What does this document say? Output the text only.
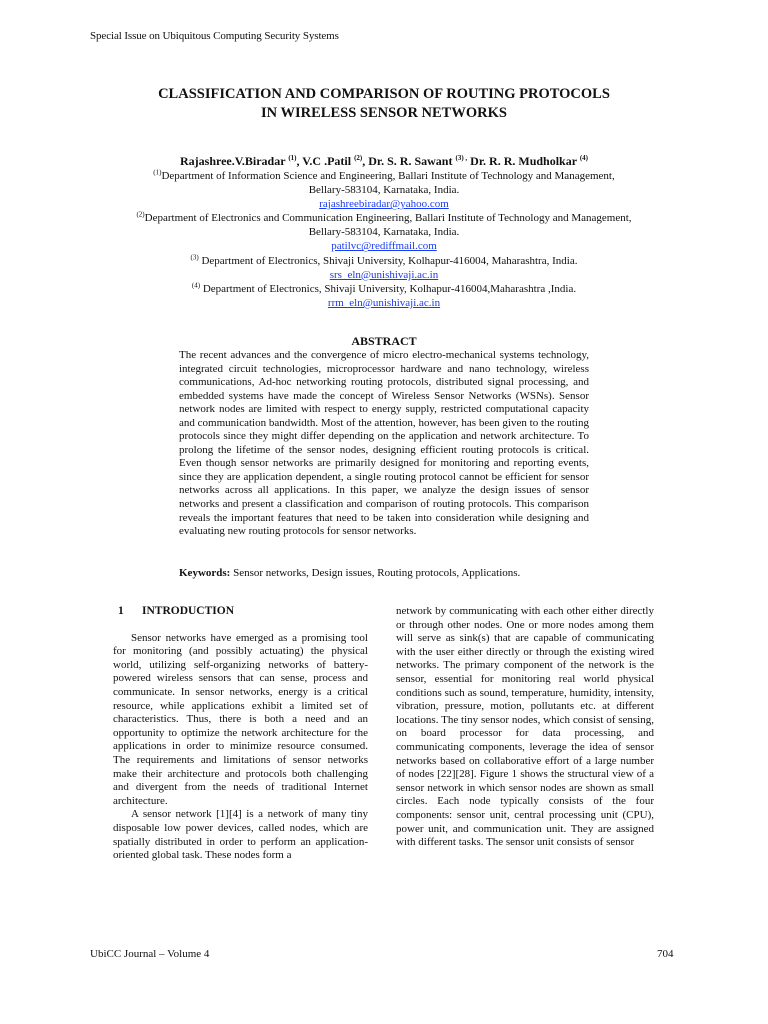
Special Issue on Ubiquitous Computing Security Systems
CLASSIFICATION AND COMPARISON OF ROUTING PROTOCOLS
IN WIRELESS SENSOR NETWORKS
Rajashree.V.Biradar $^{(1)}$, V.C .Patil $^{(2)}$, Dr. S. R. Sawant $^{(3) ,}$ Dr. R. R. Mudholkar $^{(4)}$
$^{(1)}$Department of Information Science and Engineering, Ballari Institute of Technology and Management,
Bellary-583104, Karnataka, India.
rajashreebiradar@yahoo.com
$^{(2)}$Department of Electronics and Communication Engineering, Ballari Institute of Technology and Management,
Bellary-583104, Karnataka, India.
patilvc@rediffmail.com
$^{(3)}$ Department of Electronics, Shivaji University, Kolhapur-416004, Maharashtra, India.
srs_eln@unishivaji.ac.in
$^{(4)}$ Department of Electronics, Shivaji University, Kolhapur-416004,Maharashtra ,India.
rrm_eln@unishivaji.ac.in
ABSTRACT
The recent advances and the convergence of micro electro-mechanical systems technology, integrated circuit technologies, microprocessor hardware and nano technology, wireless communications, Ad-hoc networking routing protocols, distributed signal processing, and embedded systems have made the concept of Wireless Sensor Networks (WSNs). Sensor network nodes are limited with respect to energy supply, restricted computational capacity and communication bandwidth. Most of the attention, however, has been given to the routing protocols since they might differ depending on the application and network architecture. To prolong the lifetime of the sensor nodes, designing efficient routing protocols is critical. Even though sensor networks are primarily designed for monitoring and reporting events, since they are application dependent, a single routing protocol cannot be efficient for sensor networks across all applications. In this paper, we analyze the design issues of sensor networks and present a classification and comparison of routing protocols. This comparison reveals the important features that need to be taken into consideration while designing and evaluating new routing protocols for sensor networks.
Keywords: Sensor networks, Design issues, Routing protocols, Applications.
1 INTRODUCTION

Sensor networks have emerged as a promising tool for monitoring (and possibly actuating) the physical world, utilizing self-organizing networks of battery-powered wireless sensors that can sense, process and communicate. In sensor networks, energy is a critical resource, while applications exhibit a limited set of characteristics. Thus, there is both a need and an opportunity to optimize the network architecture for the applications in order to minimize resource consumed. The requirements and limitations of sensor networks make their architecture and protocols both challenging and divergent from the needs of traditional Internet architecture.

A sensor network [1][4] is a network of many tiny disposable low power devices, called nodes, which are spatially distributed in order to perform an application-oriented global task. These nodes form a

network by communicating with each other either directly or through other nodes. One or more nodes among them will serve as sink(s) that are capable of communicating with the user either directly or through the existing wired networks. The primary component of the network is the sensor, essential for monitoring real world physical conditions such as sound, temperature, humidity, intensity, vibration, pressure, motion, pollutants etc. at different locations. The tiny sensor nodes, which consist of sensing, on board processor for data processing, and communicating components, leverage the idea of sensor networks based on collaborative effort of a large number of nodes [22][28]. Figure 1 shows the structural view of a sensor network in which sensor nodes are shown as small circles. Each node typically consists of the four components: sensor unit, central processing unit (CPU), power unit, and communication unit. They are assigned with different tasks. The sensor unit consists of sensor

UbiCC Journal – Volume 4	704
